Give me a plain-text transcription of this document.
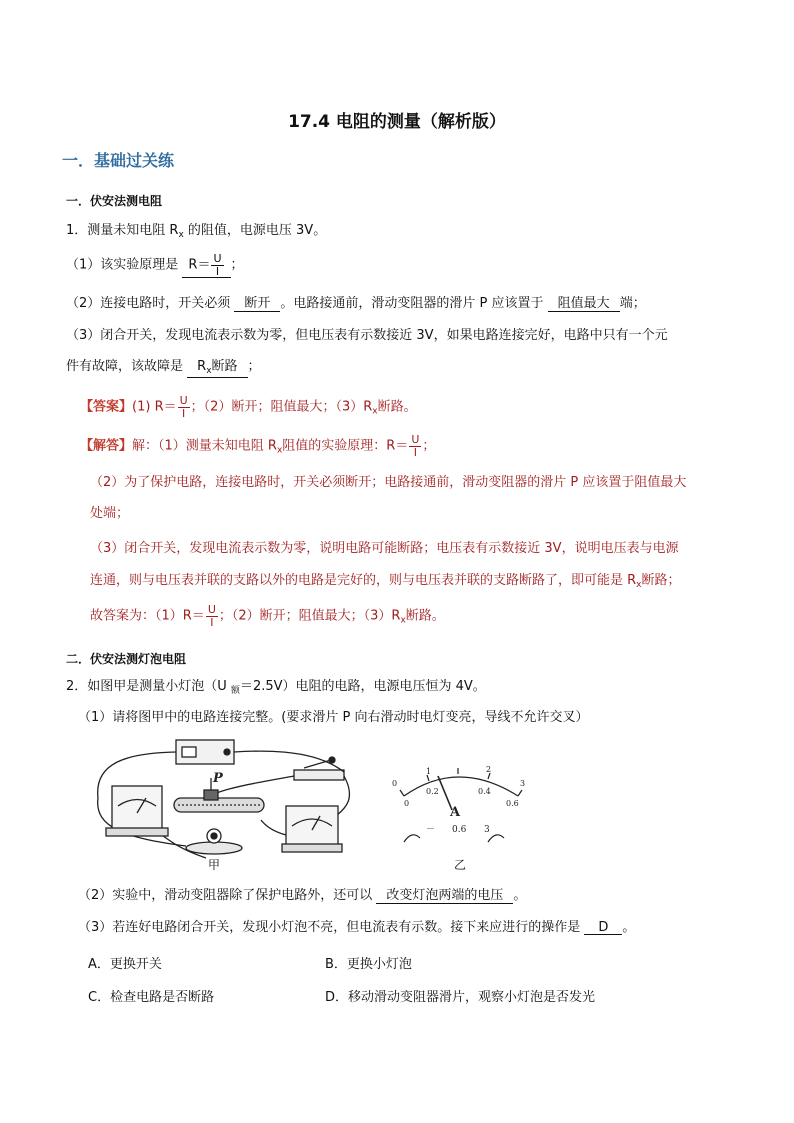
17.4 电阻的测量（解析版）
一．基础过关练
一．伏安法测电阻
1．测量未知电阻 $R_x$ 的阻值，电源电压 3V。
（1）该实验原理是 $R= \frac{U}{I}$ ；
（2）连接电路时，开关必须 断开 。电路接通前，滑动变阻器的滑片 P 应该置于 阻值最大 端；
（3）闭合开关，发现电流表示数为零，但电压表有示数接近 3V，如果电路连接完好，电路中只有一个元
件有故障，该故障是 $R_x$断路 ；
【答案】(1) $R= \frac{U}{I}$ ；（2）断开；阻值最大；$(3)R_x$断路。
【解答】解：（1）测量未知电阻 $R_x$阻值的实验原理：$R= \frac{U}{I}$ ；
（2）为了保护电路，连接电路时，开关必须断开；电路接通前，滑动变阻器的滑片 P 应该置于阻值最大
处端；
（3）闭合开关，发现电流表示数为零，说明电路可能断路；电压表有示数接近 3V，说明电压表与电源
连通，则与电压表并联的支路以外的电路是完好的，则与电压表并联的支路断路了，即可能是 $R_x$断路；
故答案为：$(1)R= \frac{U}{I}$ ；（2）断开；阻值最大；$(3)R_x$断路。
二．伏安法测灯泡电阻
2．如图甲是测量小灯泡（U $_额$＝2.5V）电阻的电路，电源电压恒为 4V。
（1）请将图甲中的电路连接完整。(要求滑片 P 向右滑动时电灯变亮，导线不允许交叉）
P	0
1	2
3
0
0.2	0.4
0.6
A
－ 0.6 3
甲	乙
（2）实验中，滑动变阻器除了保护电路外，还可以 改变灯泡两端的电压 。
（3）若连好电路闭合开关，发现小灯泡不亮，但电流表有示数。接下来应进行的操作是 D 。
A．更换开关	B．更换小灯泡
C．检查电路是否断路	D．移动滑动变阻器滑片，观察小灯泡是否发光
